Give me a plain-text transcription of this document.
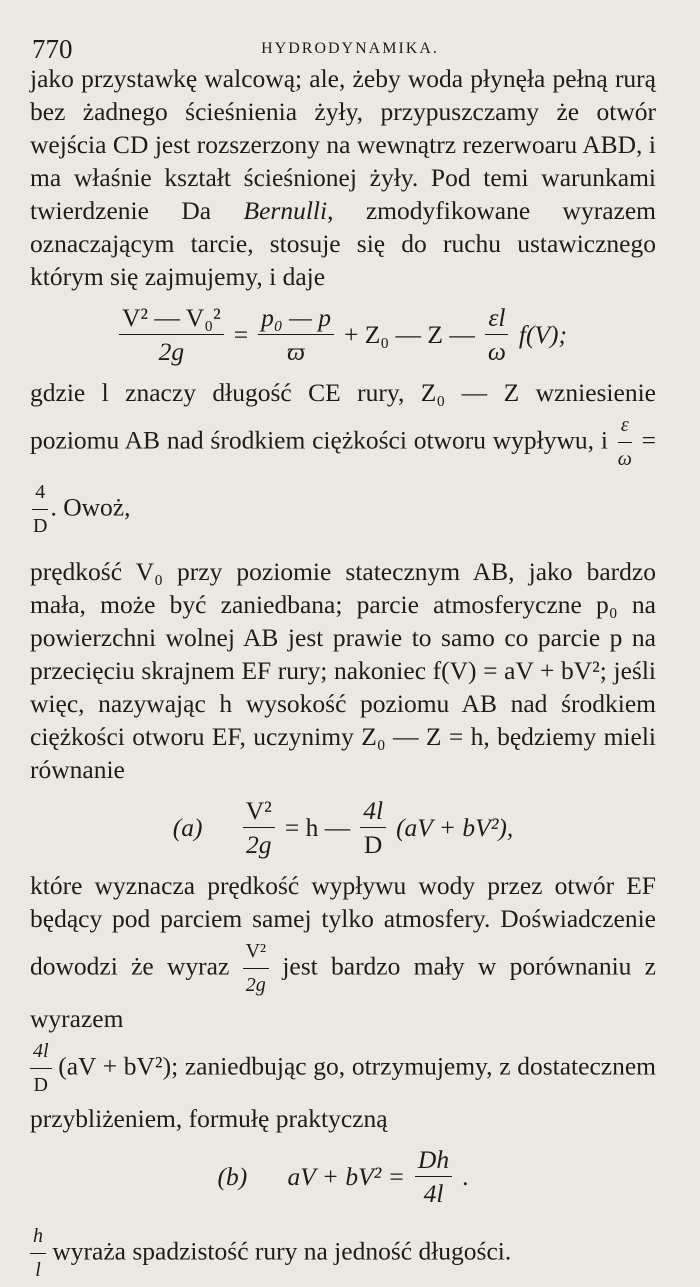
770	HYDRODYNAMIKA.

jako przystawkę walcową; ale, żeby woda płynęła pełną rurą bez żadnego ścieśnienia żyły, przypuszczamy że otwór wejścia CD jest rozszerzony na wewnątrz rezerwoaru ABD, i ma właśnie kształt ścieśnionej żyły. Pod temi warunkami twierdzenie Da Bernulli, zmodyfikowane wyrazem oznaczającym tarcie, stosuje się do ruchu ustawicznego którym się zajmujemy, i daje

$\frac{\text{V² — V₀²}}{2g} = \frac{\text{p₀ — p}}{ϖ} + Z_0$ — Z — $\frac{\varepsilon l}{\omega} f(V)$;

gdzie l znaczy długość CE rury, Z₀ — Z wzniesienie poziomu AB nad środkiem ciężkości otworu wypływu, i $\frac{\varepsilon}{\omega}$ =
$\frac{4}{D}$ . Owoż,

prędkość V₀ przy poziomie statecznym AB, jako bardzo mała, może być zaniedbana; parcie atmosferyczne p₀ na powierzchni wolnej AB jest prawie to samo co parcie p na przecięciu skrajnem EF rury; nakoniec f(V) = aV + bV²; jeśli więc, nazywając h wysokość poziomu AB nad środkiem ciężkości otworu EF, uczynimy Z₀ — Z = h, będziemy mieli równanie

(a)	$\frac{\text{V²}}{2g} = h$ — $\frac{4l}{D} (aV + bV^2)$,

które wyznacza prędkość wypływu wody przez otwór EF będący pod parciem samej tylko atmosfery. Doświadczenie dowodzi że wyraz $\frac{\text{V²}}{2g}$ jest bardzo mały w porównaniu z wyrazem

$\frac{4l}{D} (aV + bV^2)$; zaniedbując go, otrzymujemy, z dostatecznem przybliżeniem, formułę praktyczną

(b)	aV + $bV^2 = \frac{Dh}{4l}$ .

$\frac{h}{l}$ wyraża spadzistość rury na jedność długości.
